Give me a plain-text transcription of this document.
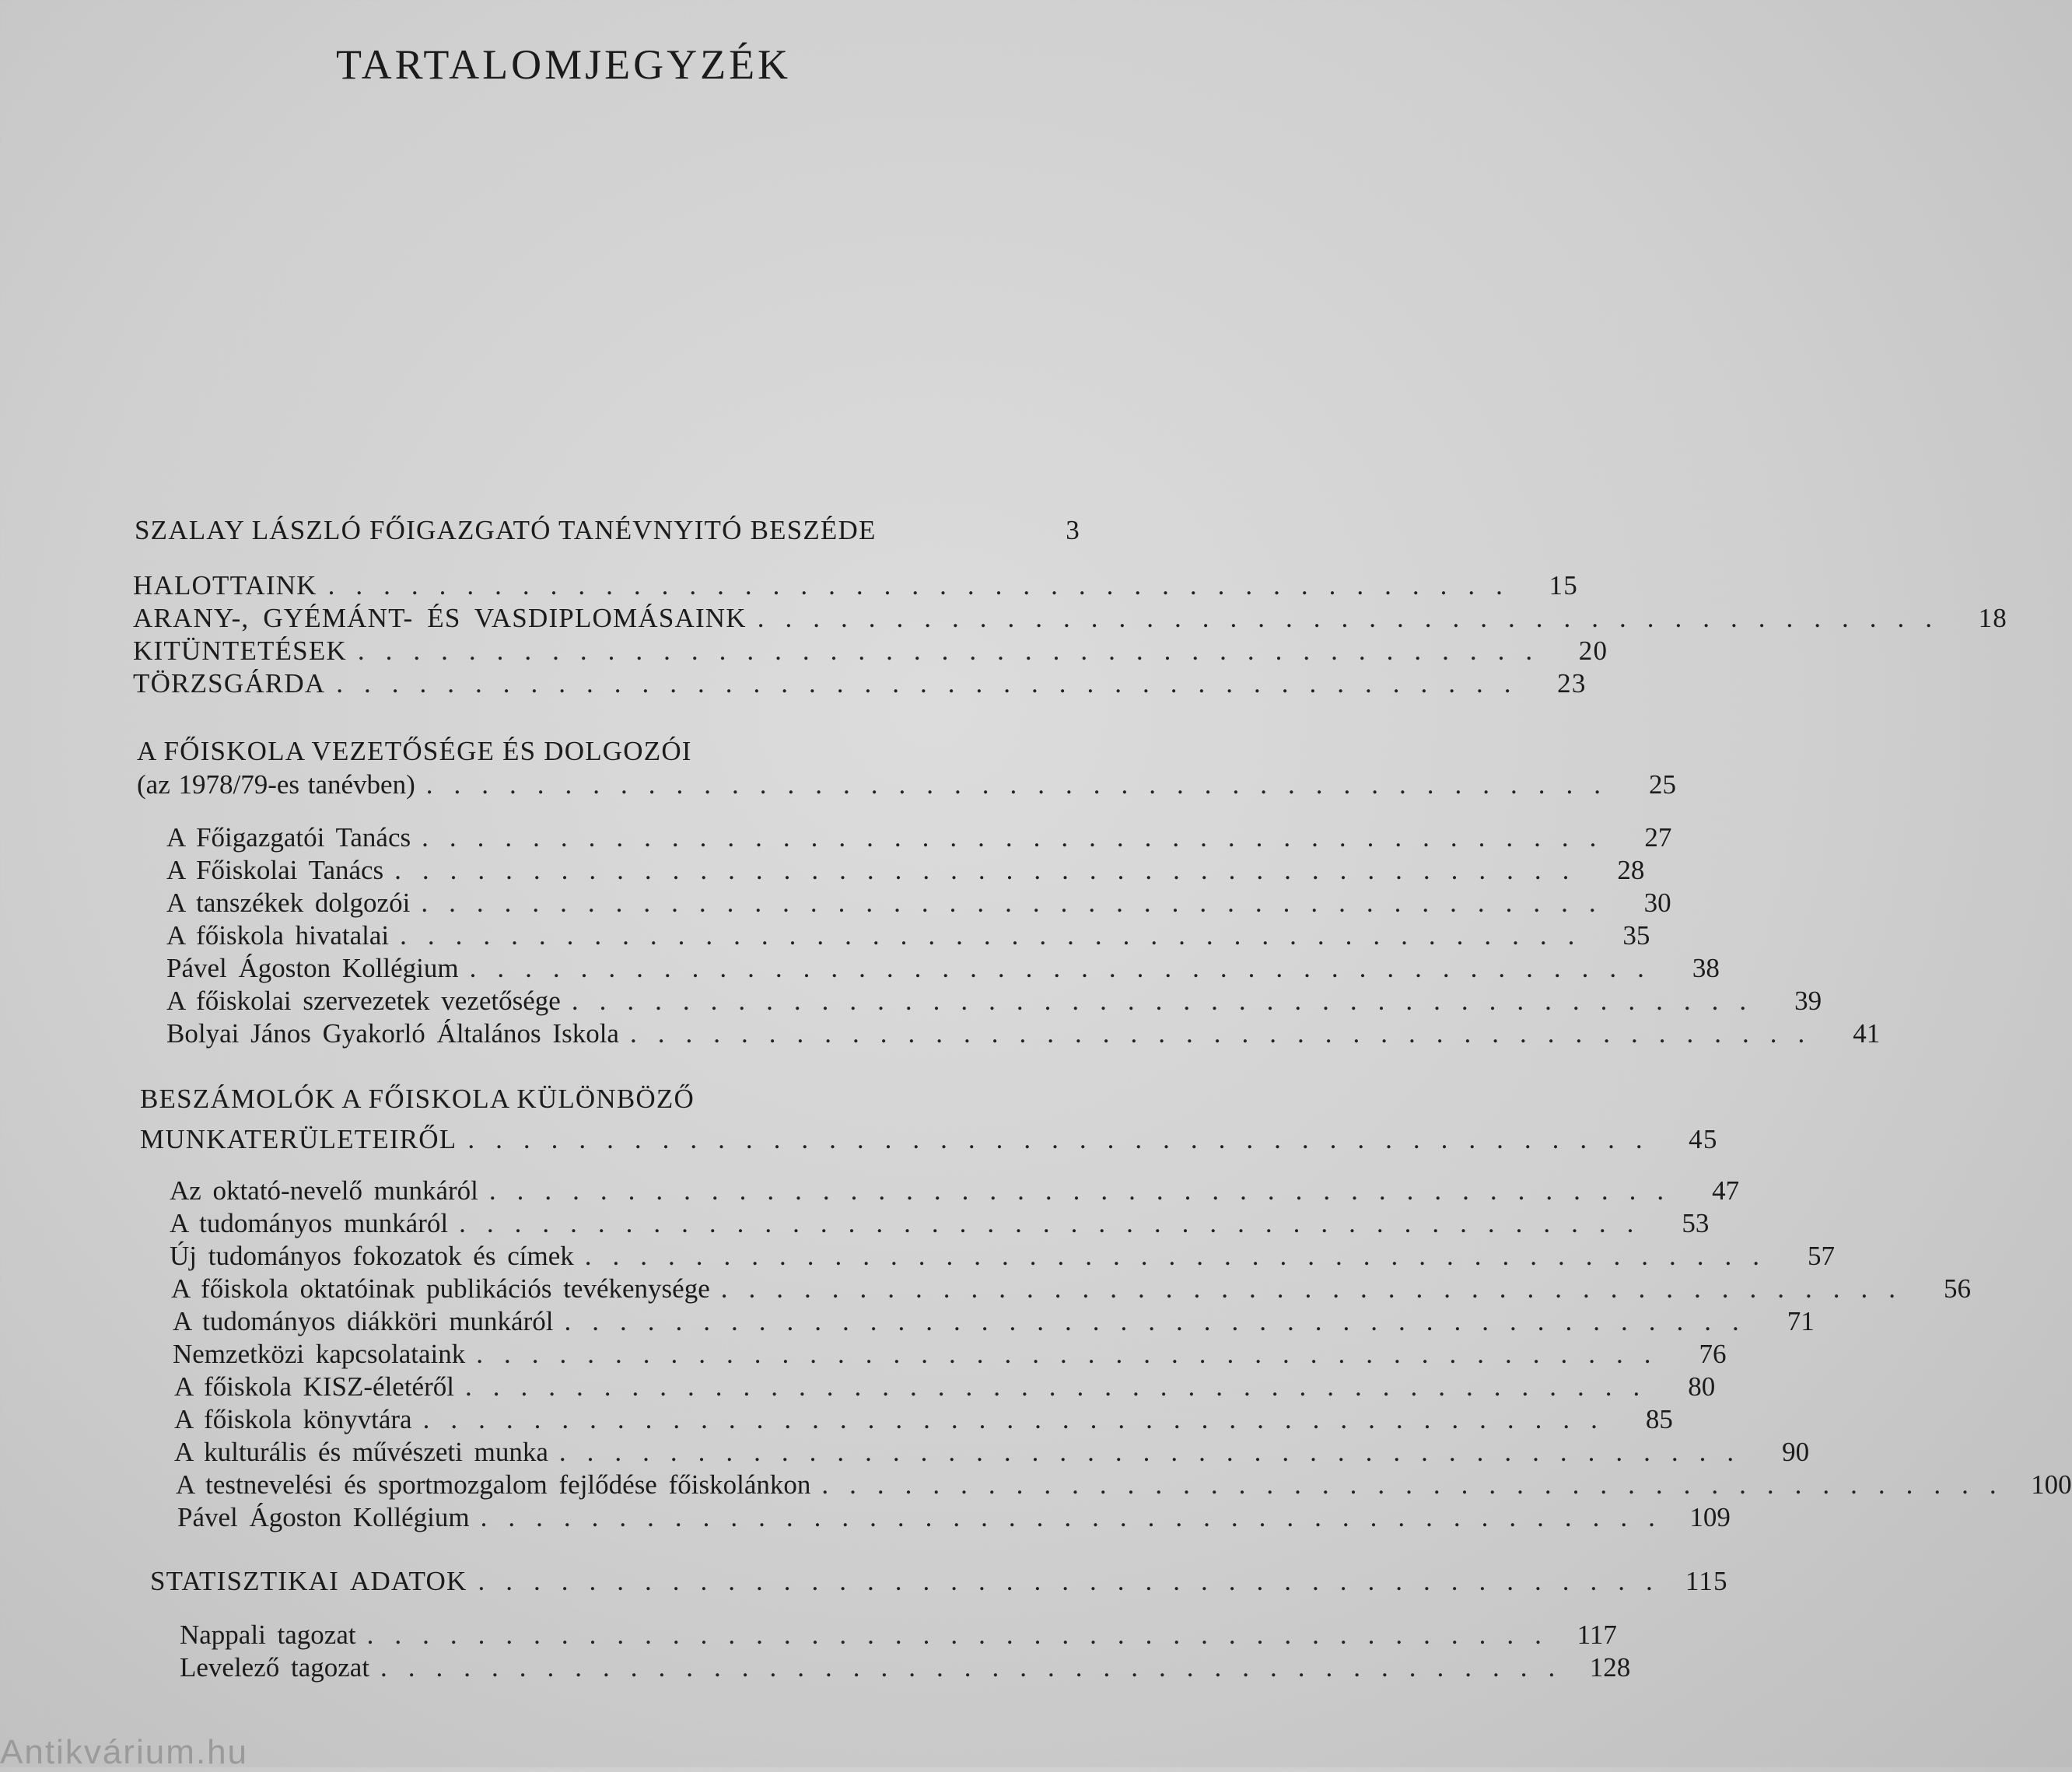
TARTALOMJEGYZÉK
SZALAY LÁSZLÓ FŐIGAZGATÓ TANÉVNYITÓ BESZÉDE	3
HALOTTAINK ........................................... 15
ARANY-, GYÉMÁNT- ÉS VASDIPLOMÁSAINK ........................................... 18
KITÜNTETÉSEK ........................................... 20
TÖRZSGÁRDA ........................................... 23
A FŐISKOLA VEZETŐSÉGE ÉS DOLGOZÓI
(az 1978/79-es tanévben) ...........................................	25
A Főigazgatói Tanács ...........................................	27
A Főiskolai Tanács ...........................................	28
A tanszékek dolgozói ...........................................	30
A főiskola hivatalai ...........................................	35
Pável Ágoston Kollégium ...........................................	38
A főiskolai szervezetek vezetősége ...........................................	39
Bolyai János Gyakorló Általános Iskola ...........................................	41
BESZÁMOLÓK A FŐISKOLA KÜLÖNBÖZŐ
MUNKATERÜLETEIRŐL ........................................... 45
Az oktató-nevelő munkáról ...........................................	47
A tudományos munkáról ...........................................	53
Új tudományos fokozatok és címek ...........................................	57
A főiskola oktatóinak publikációs tevékenysége ...........................................	56
A tudományos diákköri munkáról ...........................................	71
Nemzetközi kapcsolataink ...........................................	76
A főiskola KISZ-életéről ...........................................	80
A főiskola könyvtára ...........................................	85
A kulturális és művészeti munka ...........................................	90
A testnevelési és sportmozgalom fejlődése főiskolánkon ........................................... 100
Pável Ágoston Kollégium ........................................... 109
STATISZTIKAI ADATOK ........................................... 115
Nappali tagozat ........................................... 117
Levelező tagozat ........................................... 128
Antikvárium.hu
